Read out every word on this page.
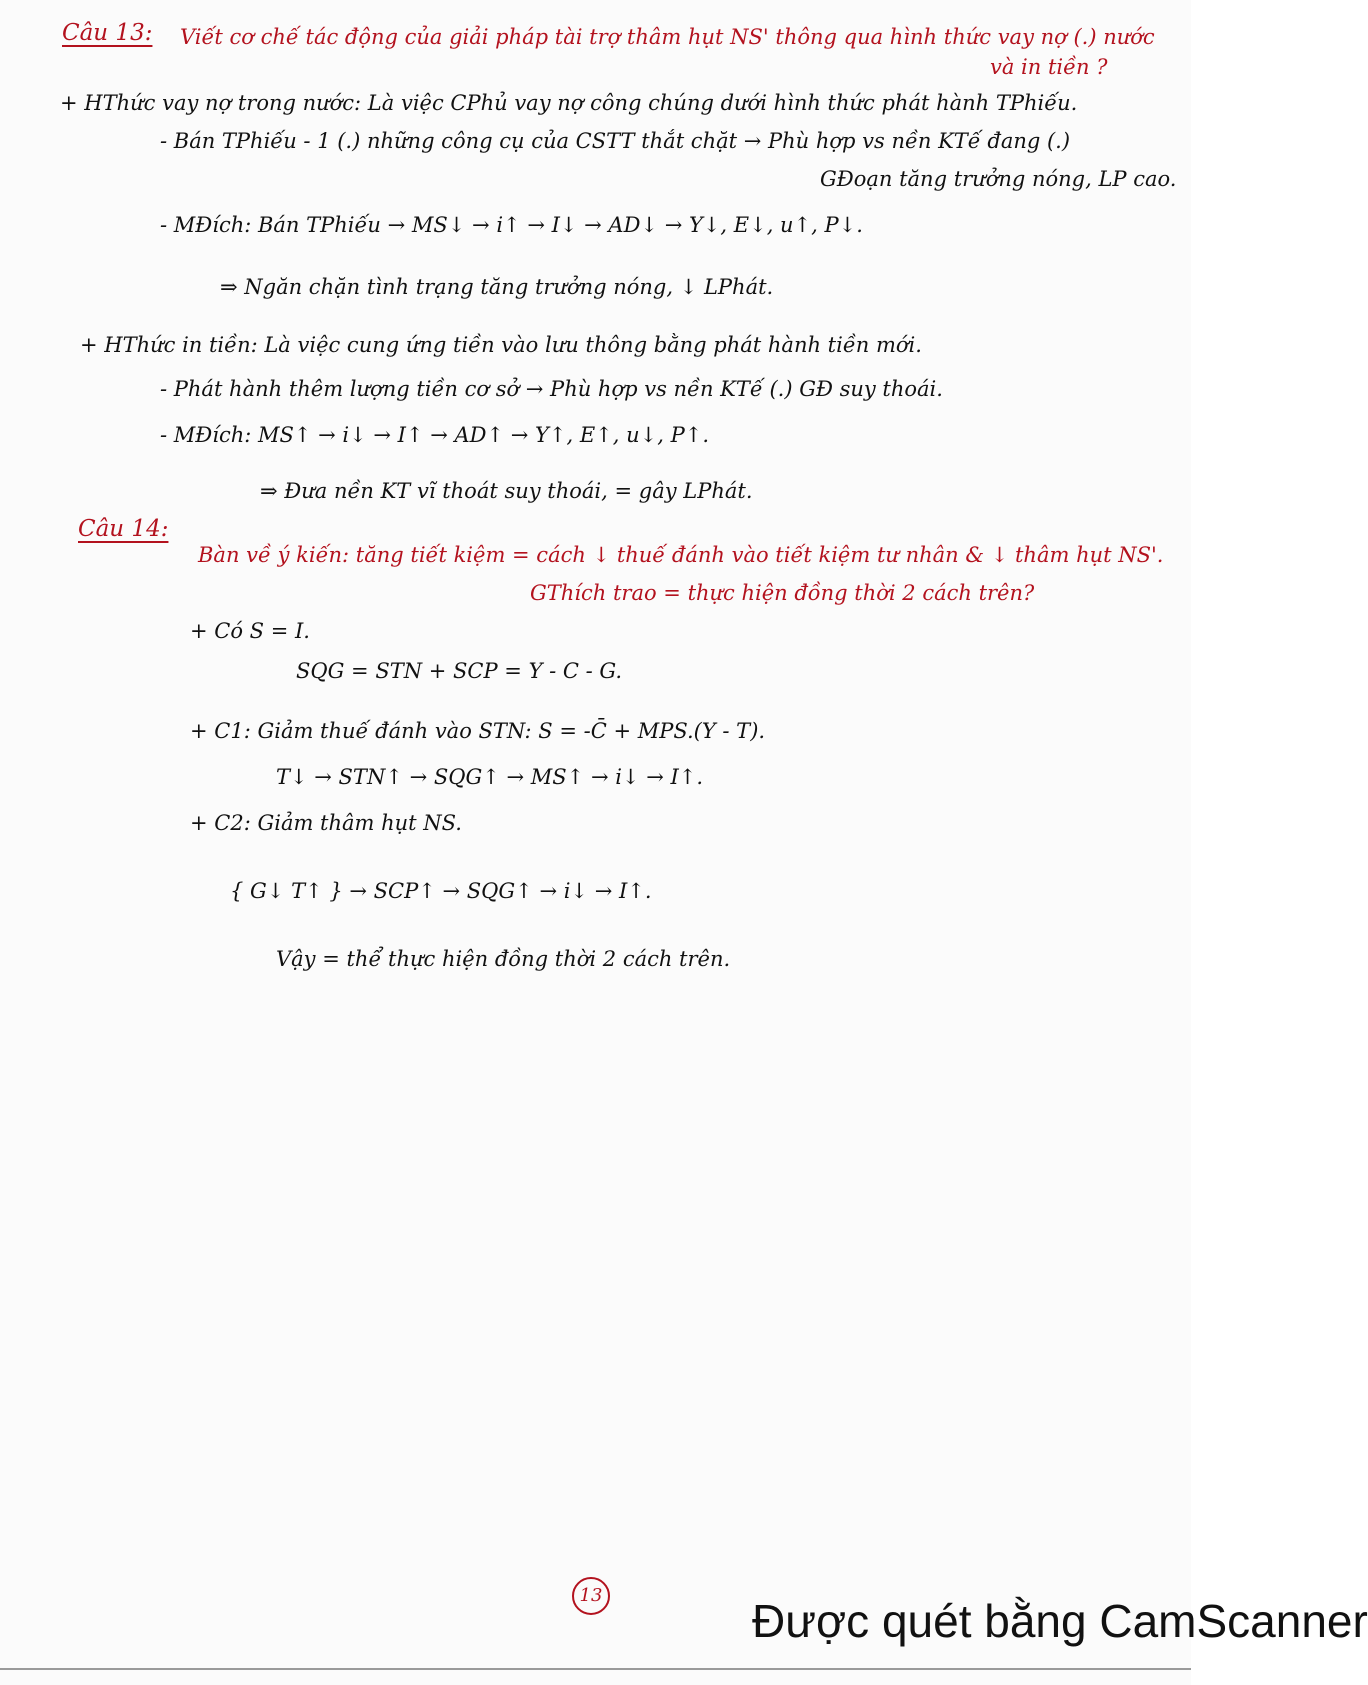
Câu 13: Viết cơ chế tác động của giải pháp tài trợ thâm hụt NS' thông qua hình thức vay nợ (.) nước
và in tiền ?
+ HThức vay nợ trong nước: Là việc CPhủ vay nợ công chúng dưới hình thức phát hành TPhiếu.
- Bán TPhiếu - 1 (.) những công cụ của CSTT thắt chặt → Phù hợp vs nền KTế đang (.)
GĐoạn tăng trưởng nóng, LP cao.
- MĐích: Bán TPhiếu → MS↓ → i↑ → I↓ → AD↓ → Y↓, E↓, u↑, P↓.
⇒ Ngăn chặn tình trạng tăng trưởng nóng, ↓ LPhát.
+ HThức in tiền: Là việc cung ứng tiền vào lưu thông bằng phát hành tiền mới.
- Phát hành thêm lượng tiền cơ sở → Phù hợp vs nền KTế (.) GĐ suy thoái.
- MĐích: MS↑ → i↓ → I↑ → AD↑ → Y↑, E↑, u↓, P↑.
⇒ Đưa nền KT vĩ thoát suy thoái, = gây LPhát.
Câu 14:
Bàn về ý kiến: tăng tiết kiệm = cách ↓ thuế đánh vào tiết kiệm tư nhân & ↓ thâm hụt NS'.
GThích trao = thực hiện đồng thời 2 cách trên?
+ Có S = I.
SQG = STN + SCP = Y - C - G.
+ C1: Giảm thuế đánh vào STN: S = -C̄ + MPS.(Y - T).
T↓ → STN↑ → SQG↑ → MS↑ → i↓ → I↑.
+ C2: Giảm thâm hụt NS.
{ G↓ T↑ } → SCP↑ → SQG↑ → i↓ → I↑.
Vậy = thể thực hiện đồng thời 2 cách trên.
13	Được quét bằng CamScanner
